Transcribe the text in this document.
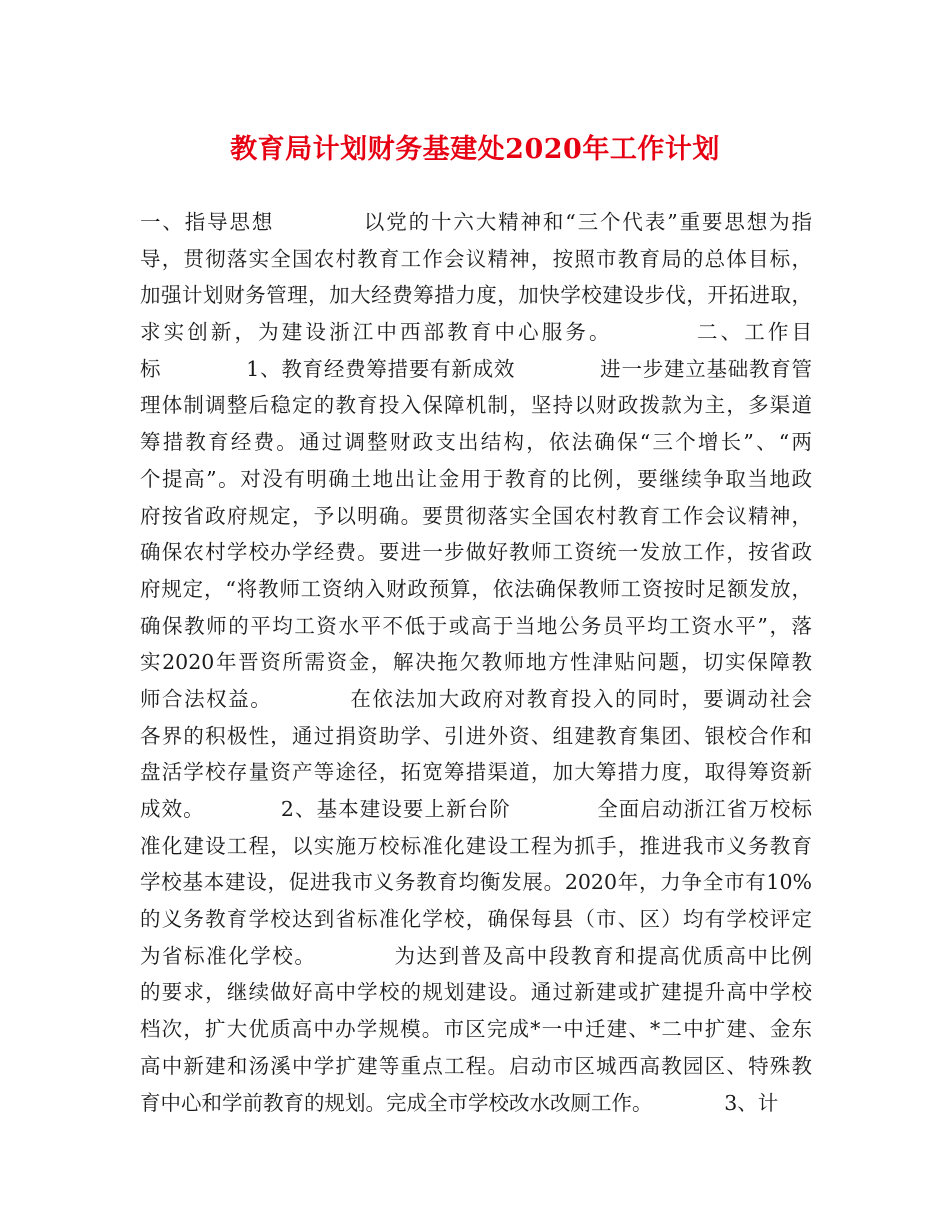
教育局计划财务基建处2020年工作计划
一、指导思想　　　　以党的十六大精神和“三个代表”重要思想为指
导，贯彻落实全国农村教育工作会议精神，按照市教育局的总体目标，
加强计划财务管理，加大经费筹措力度，加快学校建设步伐，开拓进取，
求实创新，为建设浙江中西部教育中心服务。　　　　二、工作目
标　　　　1、教育经费筹措要有新成效　　　　进一步建立基础教育管
理体制调整后稳定的教育投入保障机制，坚持以财政拨款为主，多渠道
筹措教育经费。通过调整财政支出结构，依法确保“三个增长”、“两
个提高”。对没有明确土地出让金用于教育的比例，要继续争取当地政
府按省政府规定，予以明确。要贯彻落实全国农村教育工作会议精神，
确保农村学校办学经费。要进一步做好教师工资统一发放工作，按省政
府规定，“将教师工资纳入财政预算，依法确保教师工资按时足额发放，
确保教师的平均工资水平不低于或高于当地公务员平均工资水平”，落
实2020年晋资所需资金，解决拖欠教师地方性津贴问题，切实保障教
师合法权益。　　　　在依法加大政府对教育投入的同时，要调动社会
各界的积极性，通过捐资助学、引进外资、组建教育集团、银校合作和
盘活学校存量资产等途径，拓宽筹措渠道，加大筹措力度，取得筹资新
成效。　　　　2、基本建设要上新台阶　　　　全面启动浙江省万校标
准化建设工程，以实施万校标准化建设工程为抓手，推进我市义务教育
学校基本建设，促进我市义务教育均衡发展。2020年，力争全市有10%
的义务教育学校达到省标准化学校，确保每县（市、区）均有学校评定
为省标准化学校。　　　　为达到普及高中段教育和提高优质高中比例
的要求，继续做好高中学校的规划建设。通过新建或扩建提升高中学校
档次，扩大优质高中办学规模。市区完成*一中迁建、*二中扩建、金东
高中新建和汤溪中学扩建等重点工程。启动市区城西高教园区、特殊教
育中心和学前教育的规划。完成全市学校改水改厕工作。　　　　3、计
